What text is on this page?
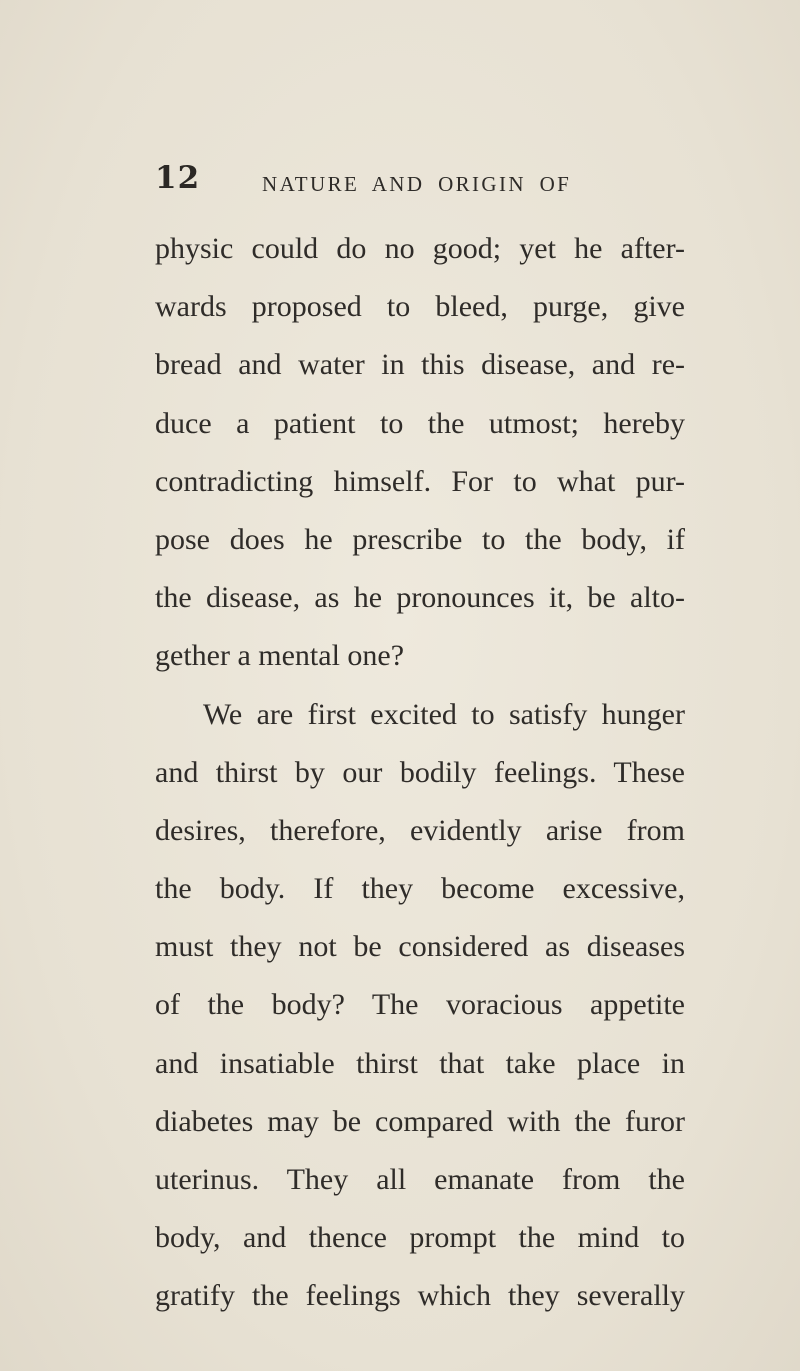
12	NATURE AND ORIGIN OF
physic could do no good; yet he after-
wards proposed to bleed, purge, give
bread and water in this disease, and re-
duce a patient to the utmost; hereby
contradicting himself. For to what pur-
pose does he prescribe to the body, if
the disease, as he pronounces it, be alto-
gether a mental one?
We are first excited to satisfy hunger
and thirst by our bodily feelings. These
desires, therefore, evidently arise from
the body. If they become excessive,
must they not be considered as diseases
of the body? The voracious appetite
and insatiable thirst that take place in
diabetes may be compared with the furor
uterinus. They all emanate from the
body, and thence prompt the mind to
gratify the feelings which they severally
